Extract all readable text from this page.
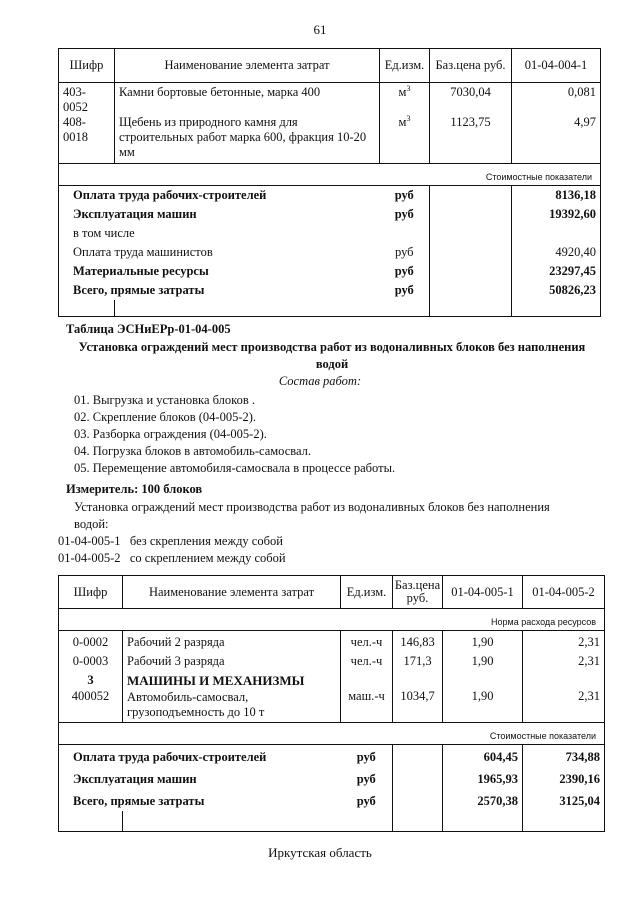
61
Шифр	Наименование элемента затрат	Ед.изм.	Баз.цена руб.	01-04-004-1
403-0052	Камни бортовые бетонные, марка 400	$м^3$	7030,04	0,081
408-0018	Щебень из природного камня для строительных работ марка 600, фракция 10-20 мм	$м^3$	1123,75	4,97
Стоимостные показатели				
Оплата труда рабочих-строителей		руб		8136,18
Эксплуатация машин		руб		19392,60
в том числе				
Оплата труда машинистов		руб		4920,40
Материальные ресурсы		руб		23297,45
Всего, прямые затраты		руб		50826,23

Таблица ЭСНиЕРр-01-04-005
Установка ограждений мест производства работ из водоналивных блоков без наполнения водой
Состав работ:
01. Выгрузка и установка блоков .
02. Скрепление блоков (04-005-2).
03. Разборка ограждения (04-005-2).
04. Погрузка блоков в автомобиль-самосвал.
05. Перемещение автомобиля-самосвала в процессе работы.
Измеритель: 100 блоков
Установка ограждений мест производства работ из водоналивных блоков без наполнения водой:
01-04-005-1 без скрепления между собой
01-04-005-2 со скреплением между собой
Шифр	Наименование элемента затрат	Ед.изм.	Баз.цена руб.	01-04-005-1	01-04-005-2
Норма расхода ресурсов					
0-0002	Рабочий 2 разряда	чел.-ч	146,83	1,90	2,31
0-0003	Рабочий 3 разряда	чел.-ч	171,3	1,90	2,31
3	МАШИНЫ И МЕХАНИЗМЫ				
400052	Автомобиль-самосвал, грузоподъемность до 10 т	маш.-ч	1034,7	1,90	2,31
Стоимостные показатели					
Оплата труда рабочих-строителей		руб		604,45	734,88
Эксплуатация машин		руб		1965,93	2390,16
Всего, прямые затраты		руб		2570,38	3125,04

Иркутская область
